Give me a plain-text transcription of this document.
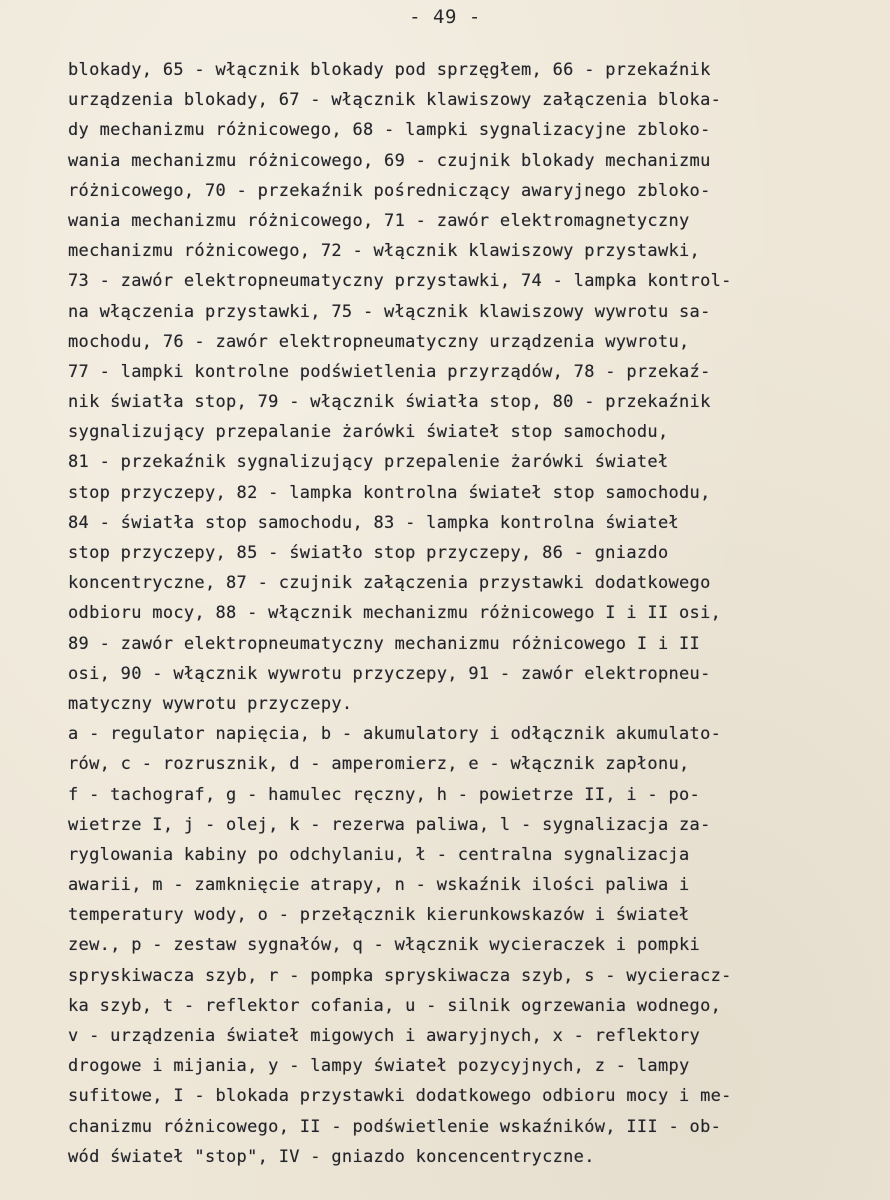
- 49 -
blokady, 65 - włącznik blokady pod sprzęgłem, 66 - przekaźnik
urządzenia blokady, 67 - włącznik klawiszowy załączenia bloka-
dy mechanizmu różnicowego, 68 - lampki sygnalizacyjne zbloko-
wania mechanizmu różnicowego, 69 - czujnik blokady mechanizmu
różnicowego, 70 - przekaźnik pośredniczący awaryjnego zbloko-
wania mechanizmu różnicowego, 71 - zawór elektromagnetyczny
mechanizmu różnicowego, 72 - włącznik klawiszowy przystawki,
73 - zawór elektropneumatyczny przystawki, 74 - lampka kontrol-
na włączenia przystawki, 75 - włącznik klawiszowy wywrotu sa-
mochodu, 76 - zawór elektropneumatyczny urządzenia wywrotu,
77 - lampki kontrolne podświetlenia przyrządów, 78 - przekaź-
nik światła stop, 79 - włącznik światła stop, 80 - przekaźnik
sygnalizujący przepalanie żarówki świateł stop samochodu,
81 - przekaźnik sygnalizujący przepalenie żarówki świateł
stop przyczepy, 82 - lampka kontrolna świateł stop samochodu,
84 - światła stop samochodu, 83 - lampka kontrolna świateł
stop przyczepy, 85 - światło stop przyczepy, 86 - gniazdo
koncentryczne, 87 - czujnik załączenia przystawki dodatkowego
odbioru mocy, 88 - włącznik mechanizmu różnicowego I i II osi,
89 - zawór elektropneumatyczny mechanizmu różnicowego I i II
osi, 90 - włącznik wywrotu przyczepy, 91 - zawór elektropneu-
matyczny wywrotu przyczepy.
a - regulator napięcia, b - akumulatory i odłącznik akumulato-
rów, c - rozrusznik, d - amperomierz, e - włącznik zapłonu,
f - tachograf, g - hamulec ręczny, h - powietrze II, i - po-
wietrze I, j - olej, k - rezerwa paliwa, l - sygnalizacja za-
ryglowania kabiny po odchylaniu, ł - centralna sygnalizacja
awarii, m - zamknięcie atrapy, n - wskaźnik ilości paliwa i
temperatury wody, o - przełącznik kierunkowskazów i świateł
zew., p - zestaw sygnałów, q - włącznik wycieraczek i pompki
spryskiwacza szyb, r - pompka spryskiwacza szyb, s - wycieracz-
ka szyb, t - reflektor cofania, u - silnik ogrzewania wodnego,
v - urządzenia świateł migowych i awaryjnych, x - reflektory
drogowe i mijania, y - lampy świateł pozycyjnych, z - lampy
sufitowe, I - blokada przystawki dodatkowego odbioru mocy i me-
chanizmu różnicowego, II - podświetlenie wskaźników, III - ob-
wód świateł "stop", IV - gniazdo koncencentryczne.
